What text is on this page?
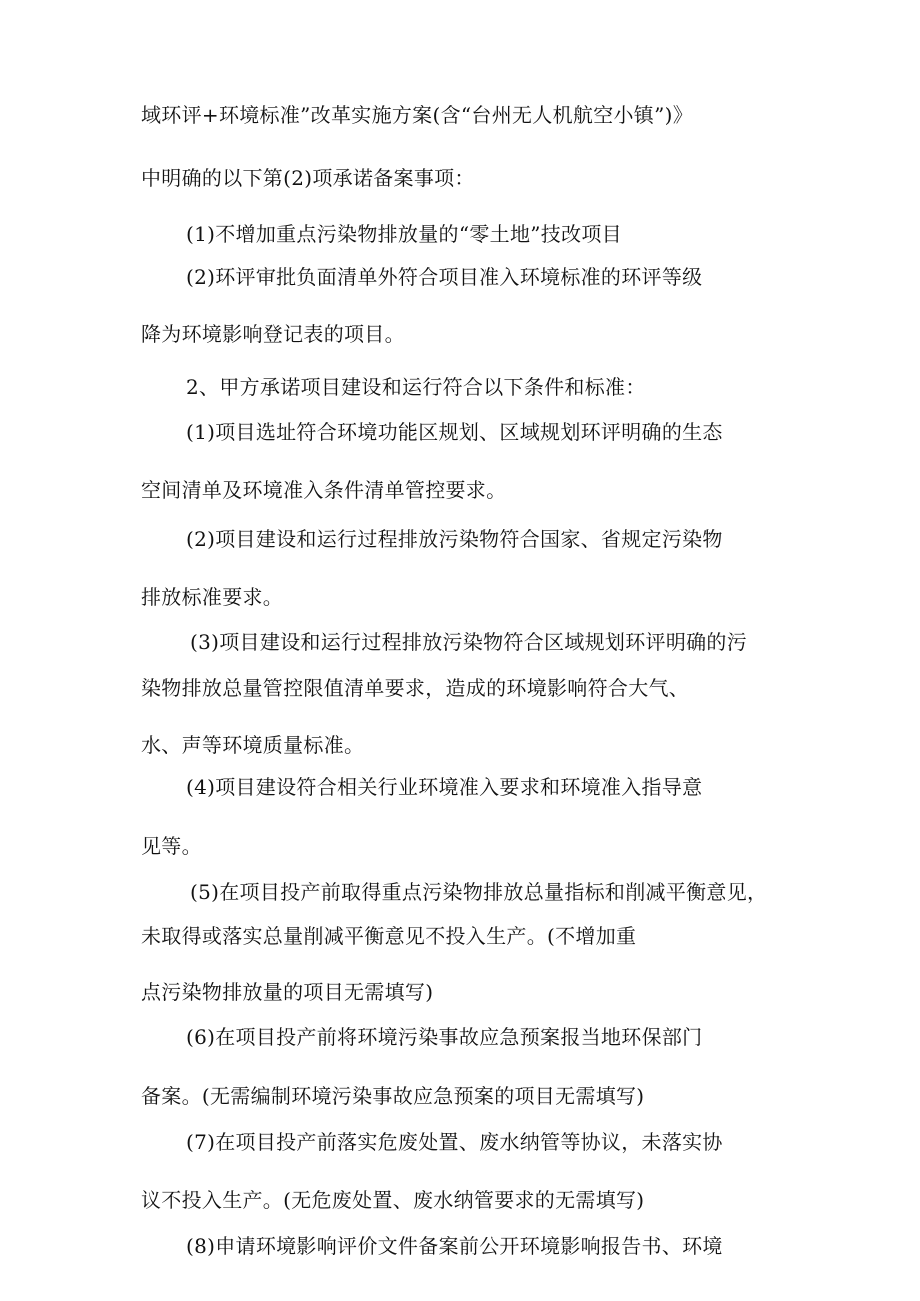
域环评+环境标准”改革实施方案(含“台州无人机航空小镇”)》
中明确的以下第(2)项承诺备案事项：
(1)不增加重点污染物排放量的“零土地”技改项目
(2)环评审批负面清单外符合项目准入环境标准的环评等级
降为环境影响登记表的项目。
2、甲方承诺项目建设和运行符合以下条件和标准：
(1)项目选址符合环境功能区规划、区域规划环评明确的生态
空间清单及环境准入条件清单管控要求。
(2)项目建设和运行过程排放污染物符合国家、省规定污染物
排放标准要求。
(3)项目建设和运行过程排放污染物符合区域规划环评明确的污
染物排放总量管控限值清单要求，造成的环境影响符合大气、
水、声等环境质量标准。
(4)项目建设符合相关行业环境准入要求和环境准入指导意
见等。
(5)在项目投产前取得重点污染物排放总量指标和削减平衡意见，
未取得或落实总量削减平衡意见不投入生产。(不增加重
点污染物排放量的项目无需填写)
(6)在项目投产前将环境污染事故应急预案报当地环保部门
备案。(无需编制环境污染事故应急预案的项目无需填写)
(7)在项目投产前落实危废处置、废水纳管等协议，未落实协
议不投入生产。(无危废处置、废水纳管要求的无需填写)
(8)申请环境影响评价文件备案前公开环境影响报告书、环境
